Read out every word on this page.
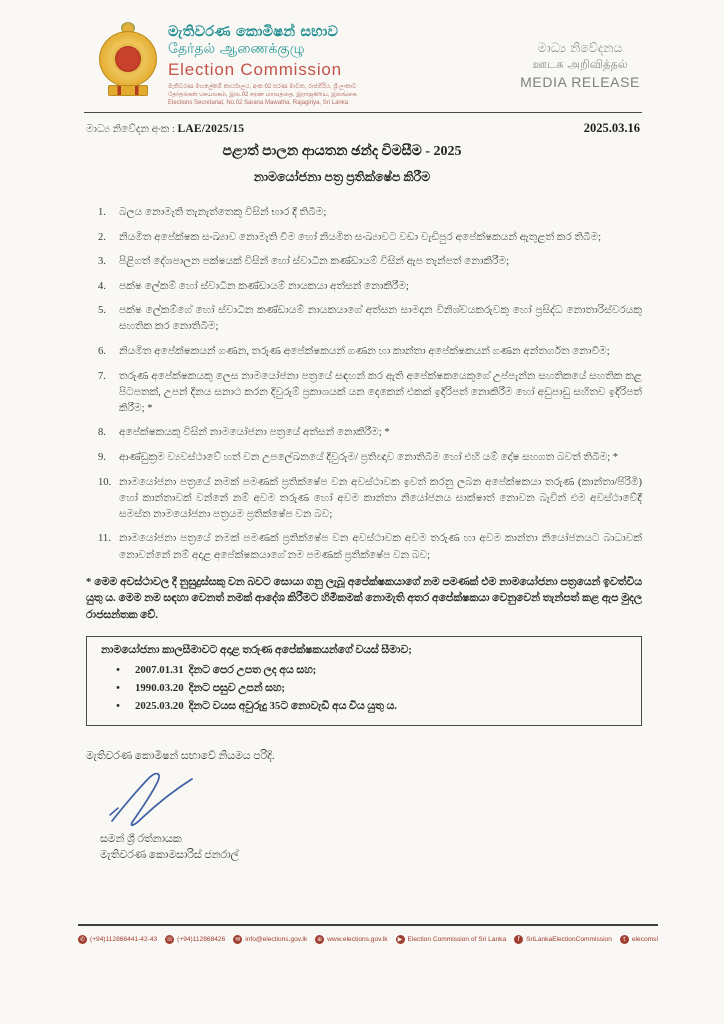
මැතිවරණ කොමිෂන් සභාව
தேர்தல் ஆணைக்குழு
Election Commission
මැතිවරණ මහලේකම් කාර්යාලය, අංක 02 සරණ මාවත, රාජගිරිය, ශ්‍රී ලංකාව
தேர்தல்கள் செயலகம், இல.02 சரண மாவத்தை, இராஜகிரிய, இலங்கை
Elections Secretariat, No.02 Sarana Mawatha, Rajagiriya, Sri Lanka
මාධ්‍ය නිවේදනය
ஊடக அறிவித்தல்
MEDIA RELEASE
මාධ්‍ය නිවේදන අංක : LAE/2025/15	2025.03.16
පළාත් පාලන ආයතන ඡන්ද විමසීම - 2025
නාමයෝජනා පත්‍ර ප්‍රතික්ෂේප කිරීම
1.	බලය නොමැති තැනැත්තෙකු විසින් භාර දී තිබීම;
2.	නියමිත අපේක්ෂක සංඛ්‍යාව නොමැති වීම හෝ නියමිත සංඛ්‍යාවට වඩා වැඩිපුර අපේක්ෂකයන් ඇතුළත් කර තිබීම;
3.	පිළිගත් දේශපාලන පක්ෂයක් විසින් හෝ ස්වාධීන කණ්ඩායම් විසින් ඇප තැන්පත් නොකිරීම;
4.	පක්ෂ ලේකම් හෝ ස්වාධීන කණ්ඩායම් නායකයා අත්සන් නොකිරීම;
5.	පක්ෂ ලේකම්ගේ හෝ ස්වාධීන කණ්ඩායම් නායකයාගේ අත්සන සාමදාන විනිශ්චයකරුවකු හෝ ප්‍රසිද්ධ නොතාරිස්වරයකු සහතික කර නොතිබීම;
6.	නියමිත අපේක්ෂකයන් ගණන, තරුණ අපේක්ෂකයන් ගණන හා කාන්තා අපේක්ෂකයන් ගණන අන්තර්ගත නොවීම;
7.	තරුණ අපේක්ෂකයකු ලෙස නාමයෝජනා පත්‍රයේ සඳහන් කර ඇති අපේක්ෂකයෙකුගේ උප්පැන්න සහතිකයේ සහතික කළ පිටපතක්, උපන් දිනය සනාථ කරන දිවුරුම් ප්‍රකාශයක් යන දෙකෙන් එකක් ඉදිරිපත් නොකිරීම හෝ අඩුපාඩු සහිතව ඉදිරිපත් කිරීම; *
8.	අපේක්ෂකයකු විසින් නාමයෝජනා පත්‍රයේ අත්සන් නොකිරීම; *
9.	ආණ්ඩුක්‍රම ව්‍යවස්ථාවේ හත් වන උපලේඛනයේ දිවුරුම/ ප්‍රතිඥාව නොතිබීම හෝ එහි යම් දෝෂ සහගත බවත් තිබීම; *
10. නාමයෝජනා පත්‍රයේ නමක් පමණක් ප්‍රතික්ෂේප වන අවස්ථාවක ඉවත් කරනු ලබන අපේක්ෂකයා තරුණ (කාන්තා/පිරිමි) හෝ කාන්තාවක් වන්නේ නම් අවම තරුණ හෝ අවම කාන්තා නියෝජනය සාක්ෂාත් නොවන බැවින් එම අවස්ථාවේදී සමස්ත නාමයෝජනා පත්‍රයම ප්‍රතික්ෂේප වන බව;
11. නාමයෝජනා පත්‍රයේ නමක් පමණක් ප්‍රතික්ෂේප වන අවස්ථාවක අවම තරුණ හා අවම කාන්තා නියෝජනයට බාධාවක් නොවන්නේ නම් අදාළ අපේක්ෂකයාගේ නම පමණක් ප්‍රතික්ෂේප වන බව;
* මෙම අවස්ථාවල දී නුසුදුස්සකු වන බවට සොයා ගනු ලැබූ අපේක්ෂකයාගේ නම පමණක් එම නාමයෝජනා පත්‍රයෙන් ඉවත්විය යුතු ය. මෙම නම සඳහා වෙනත් නමක් ආදේශ කිරීමට හිමිකමක් නොමැති අතර අපේක්ෂකයා වෙනුවෙන් තැන්පත් කළ ඇප මුදල රාජසන්තක වේ.
නාමයෝජනා කාලසීමාවට අදාළ තරුණ අපේක්ෂකයන්ගේ වයස් සීමාව;
•	2007.01.31 දිනට පෙර උපත ලද අය සහ;
•	1990.03.20 දිනට පසුව උපන් සහ;
•	2025.03.20 දිනට වයස අවුරුදු 35ට නොවැඩි අය විය යුතු ය.
මැතිවරණ කොමිෂන් සභාවේ නියමය පරිදි.
සමන් ශ්‍රී රත්නායක
මැතිවරණ කොමසාරිස් ජනරාල්
✆ (+94)112868441-42-43 ☏ (+94)112868426	✉ info@elections.gov.lk	⊕ www.elections.gov.lk	▶ Election Commission of Sri Lanka	f SriLankaElectionCommission	t elecomsl
